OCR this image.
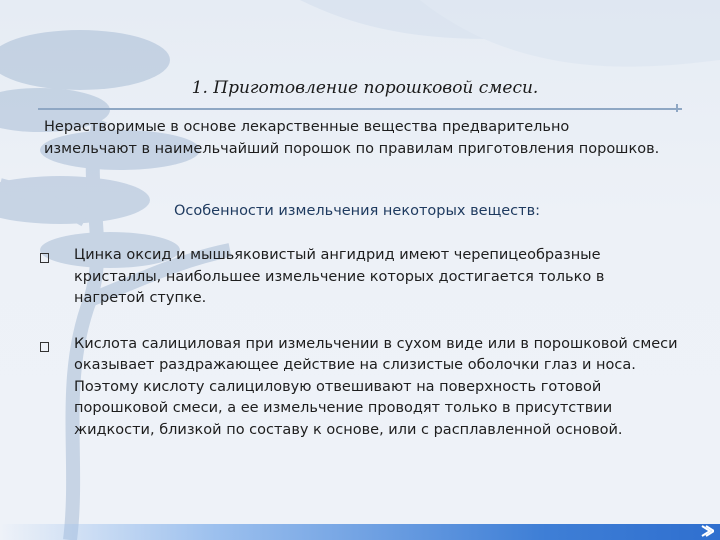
1. Приготовление порошковой смеси.
Нерастворимые в основе лекарственные вещества предварительно измельчают в наимельчайший порошок по правилам приготовления порошков.
Особенности измельчения некоторых веществ:
Цинка оксид и мышьяковистый ангидрид имеют черепицеобразные кристаллы, наибольшее измельчение которых достигается только в нагретой ступке.
Кислота салициловая при измельчении в сухом виде или в порошковой смеси оказывает раздражающее действие на слизистые оболочки глаз и носа. Поэтому кислоту салициловую отвешивают на поверхность готовой порошковой смеси, а ее измельчение проводят только в присутствии жидкости, близкой по составу к основе, или с расплавленной основой.
